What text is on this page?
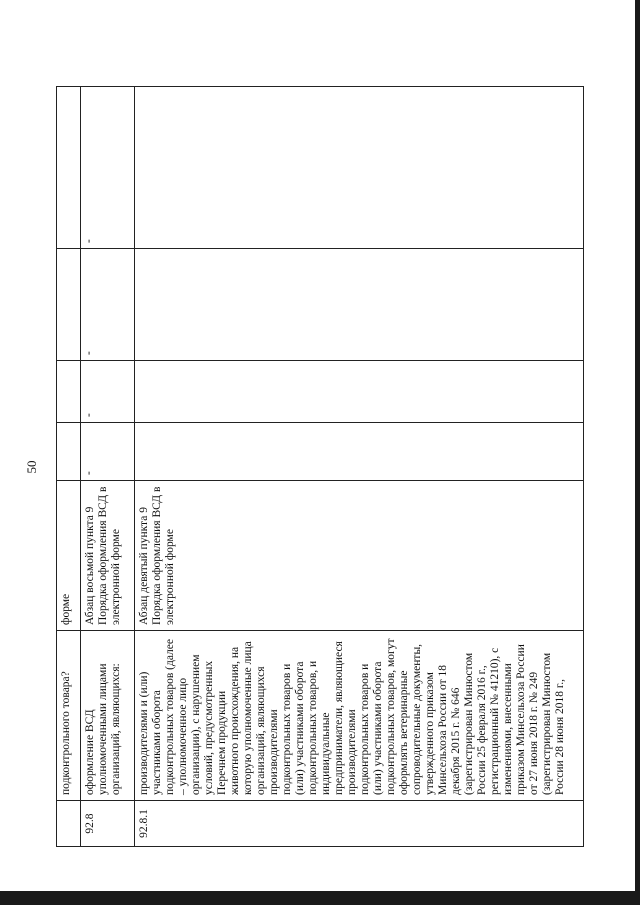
50
	подконтрольного товара?	форме				
92.8	оформление ВСД уполномоченными лицами организаций, являющихся:	Абзац восьмой пункта 9 Порядка оформления ВСД в электронной форме	-	-	-	-
92.8.1	производителями и (или) участниками оборота подконтрольных товаров (далее – уполномоченное лицо организации), с нарушением условий, предусмотренных Перечнем продукции животного происхождения, на которую уполномоченные лица организаций, являющихся производителями подконтрольных товаров и (или) участниками оборота подконтрольных товаров, и индивидуальные предприниматели, являющиеся производителями подконтрольных товаров и (или) участниками оборота подконтрольных товаров, могут оформлять ветеринарные сопроводительные документы, утвержденного приказом Минсельхоза России от 18 декабря 2015 г. № 646 (зарегистрирован Минюстом России 25 февраля 2016 г., регистрационный № 41210), с изменениями, внесенными приказом Минсельхоза России от 27 июня 2018 г. № 249 (зарегистрирован Минюстом России 28 июня 2018 г.,	Абзац девятый пункта 9 Порядка оформления ВСД в электронной форме				
